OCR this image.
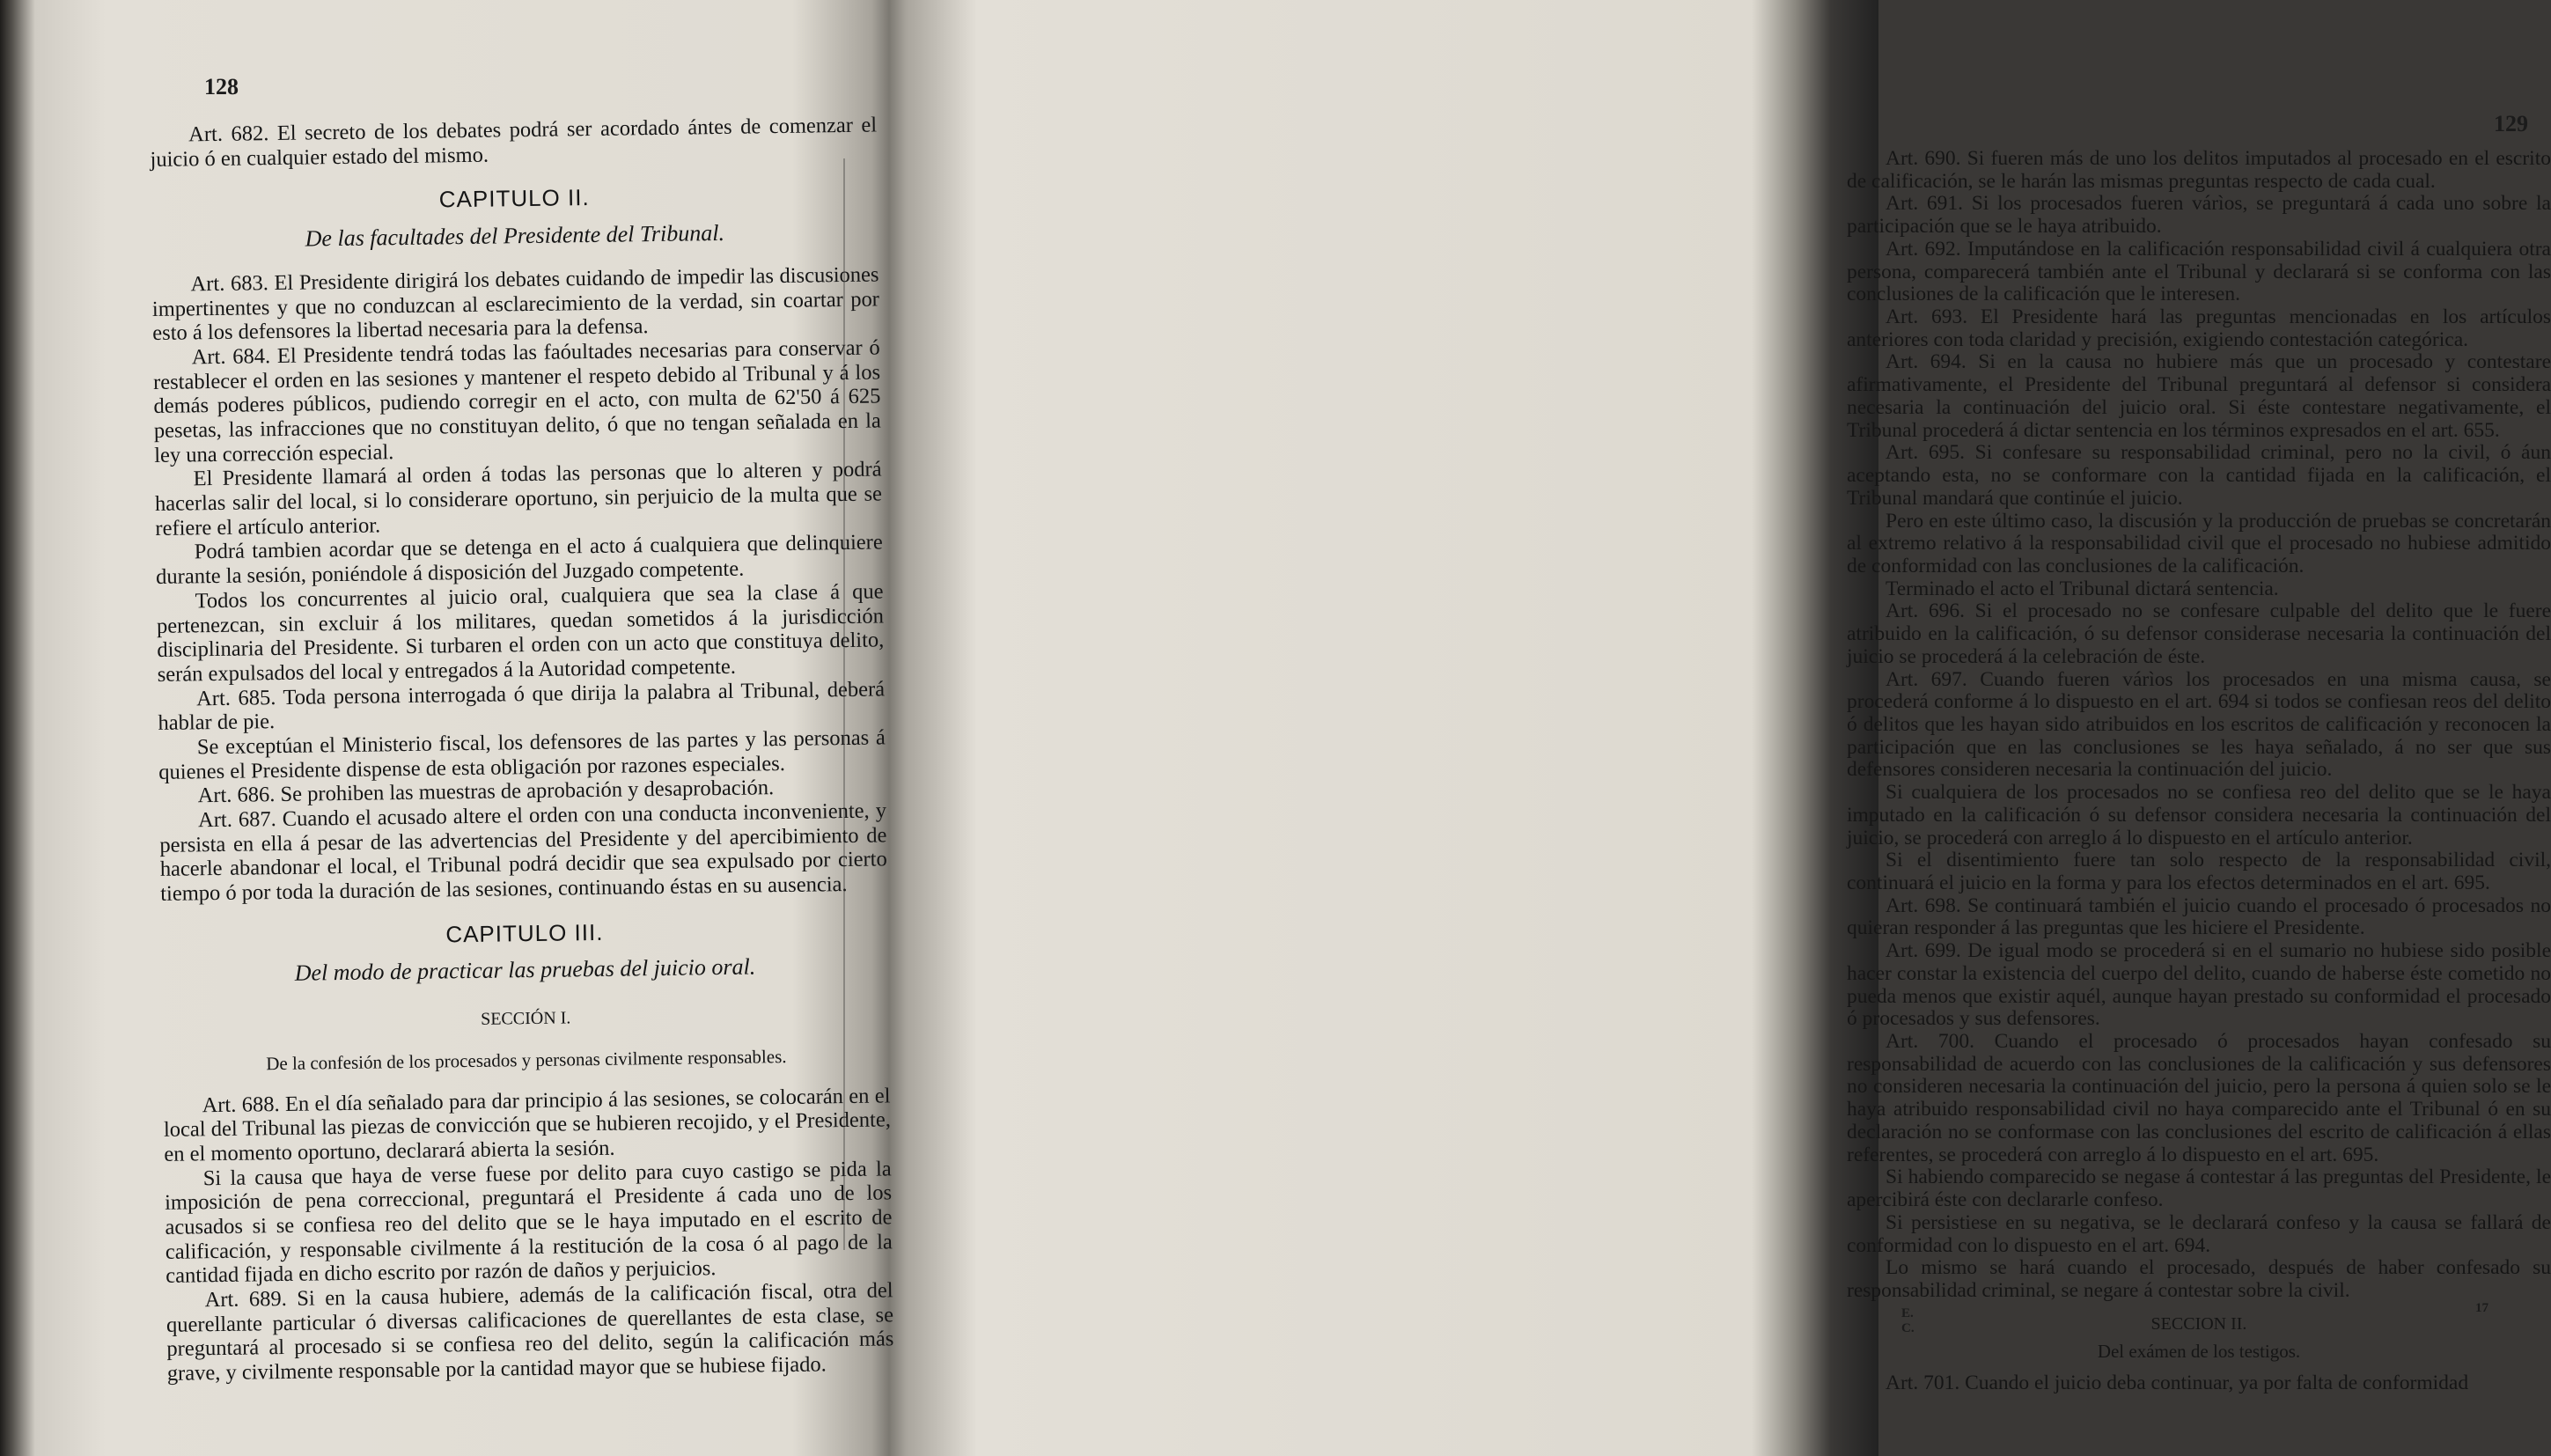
128

Art. 682. El secreto de los debates podrá ser acordado ántes de comenzar el juicio ó en cualquier estado del mismo.

CAPITULO II.

De las facultades del Presidente del Tribunal.

Art. 683. El Presidente dirigirá los debates cuidando de impedir las discusiones impertinentes y que no conduzcan al esclarecimiento de la verdad, sin coartar por esto á los defensores la libertad necesaria para la defensa.

Art. 684. El Presidente tendrá todas las faóultades necesarias para conservar ó restablecer el orden en las sesiones y mantener el respeto debido al Tribunal y á los demás poderes públicos, pudiendo corregir en el acto, con multa de 62'50 á 625 pesetas, las infracciones que no constituyan delito, ó que no tengan señalada en la ley una corrección especial.

El Presidente llamará al orden á todas las personas que lo alteren y podrá hacerlas salir del local, si lo considerare oportuno, sin perjuicio de la multa que se refiere el artículo anterior.

Podrá tambien acordar que se detenga en el acto á cualquiera que delinquiere durante la sesión, poniéndole á disposición del Juzgado competente.

Todos los concurrentes al juicio oral, cualquiera que sea la clase á que pertenezcan, sin excluir á los militares, quedan sometidos á la jurisdicción disciplinaria del Presidente. Si turbaren el orden con un acto que constituya delito, serán expulsados del local y entregados á la Autoridad competente.

Art. 685. Toda persona interrogada ó que dirija la palabra al Tribunal, deberá hablar de pie.

Se exceptúan el Ministerio fiscal, los defensores de las partes y las personas á quienes el Presidente dispense de esta obligación por razones especiales.

Art. 686. Se prohiben las muestras de aprobación y desaprobación.

Art. 687. Cuando el acusado altere el orden con una conducta inconveniente, y persista en ella á pesar de las advertencias del Presidente y del apercibimiento de hacerle abandonar el local, el Tribunal podrá decidir que sea expulsado por cierto tiempo ó por toda la duración de las sesiones, continuando éstas en su ausencia.

CAPITULO III.

Del modo de practicar las pruebas del juicio oral.

SECCIÓN I.

De la confesión de los procesados y personas civilmente responsables.

Art. 688. En el día señalado para dar principio á las sesiones, se colocarán en el local del Tribunal las piezas de convicción que se hubieren recojido, y el Presidente, en el momento oportuno, declarará abierta la sesión.

Si la causa que haya de verse fuese por delito para cuyo castigo se pida la imposición de pena correccional, preguntará el Presidente á cada uno de los acusados si se confiesa reo del delito que se le haya imputado en el escrito de calificación, y responsable civilmente á la restitución de la cosa ó al pago de la cantidad fijada en dicho escrito por razón de daños y perjuicios.

Art. 689. Si en la causa hubiere, además de la calificación fiscal, otra del querellante particular ó diversas calificaciones de querellantes de esta clase, se preguntará al procesado si se confiesa reo del delito, según la calificación más grave, y civilmente responsable por la cantidad mayor que se hubiese fijado.

129

Art. 690. Si fueren más de uno los delitos imputados al procesado en el escrito de calificación, se le harán las mismas preguntas respecto de cada cual.

Art. 691. Si los procesados fueren várìos, se preguntará á cada uno sobre la participación que se le haya atribuido.

Art. 692. Imputándose en la calificación responsabilidad civil á cualquiera otra persona, comparecerá también ante el Tribunal y declarará si se conforma con las conclusiones de la calificación que le interesen.

Art. 693. El Presidente hará las preguntas mencionadas en los artículos anteriores con toda claridad y precisión, exigiendo contestación categórica.

Art. 694. Si en la causa no hubiere más que un procesado y contestare afirmativamente, el Presidente del Tribunal preguntará al defensor si considera necesaria la continuación del juicio oral. Si éste contestare negativamente, el Tribunal procederá á dictar sentencia en los términos expresados en el art. 655.

Art. 695. Si confesare su responsabilidad criminal, pero no la civil, ó áun aceptando esta, no se conformare con la cantidad fijada en la calificación, el Tribunal mandará que continúe el juicio.

Pero en este último caso, la discusión y la producción de pruebas se concretarán al extremo relativo á la responsabilidad civil que el procesado no hubiese admitido de conformidad con las conclusiones de la calificación.

Terminado el acto el Tribunal dictará sentencia.

Art. 696. Si el procesado no se confesare culpable del delito que le fuere atribuido en la calificación, ó su defensor considerase necesaria la continuación del juicio se procederá á la celebración de éste.

Art. 697. Cuando fueren várìos los procesados en una misma causa, se procederá conforme á lo dispuesto en el art. 694 si todos se confiesan reos del delito ó delitos que les hayan sido atribuidos en los escritos de calificación y reconocen la participación que en las conclusiones se les haya señalado, á no ser que sus defensores consideren necesaria la continuación del juicio.

Si cualquiera de los procesados no se confiesa reo del delito que se le haya imputado en la calificación ó su defensor considera necesaria la continuación del juicio, se procederá con arreglo á lo dispuesto en el artículo anterior.

Si el disentimiento fuere tan solo respecto de la responsabilidad civil, continuará el juicio en la forma y para los efectos determinados en el art. 695.

Art. 698. Se continuará también el juicio cuando el procesado ó procesados no quieran responder á las preguntas que les hiciere el Presidente.

Art. 699. De igual modo se procederá si en el sumario no hubiese sido posible hacer constar la existencia del cuerpo del delito, cuando de haberse éste cometido no pueda menos que existir aquél, aunque hayan prestado su conformidad el procesado ó procesados y sus defensores.

Art. 700. Cuando el procesado ó procesados hayan confesado su responsabilidad de acuerdo con las conclusiones de la calificación y sus defensores no consideren necesaria la continuación del juicio, pero la persona á quien solo se le haya atribuido responsabilidad civil no haya comparecido ante el Tribunal ó en su declaración no se conformase con las conclusiones del escrito de calificación á ellas referentes, se procederá con arreglo á lo dispuesto en el art. 695.

Si habiendo comparecido se negase á contestar á las preguntas del Presidente, le apercibirá éste con declararle confeso.

Si persistiese en su negativa, se le declarará confeso y la causa se fallará de conformidad con lo dispuesto en el art. 694.

Lo mismo se hará cuando el procesado, después de haber confesado su responsabilidad criminal, se negare á contestar sobre la civil.

SECCION II.

Del exámen de los testigos.

Art. 701. Cuando el juicio deba continuar, ya por falta de conformidad

E. C.
17
